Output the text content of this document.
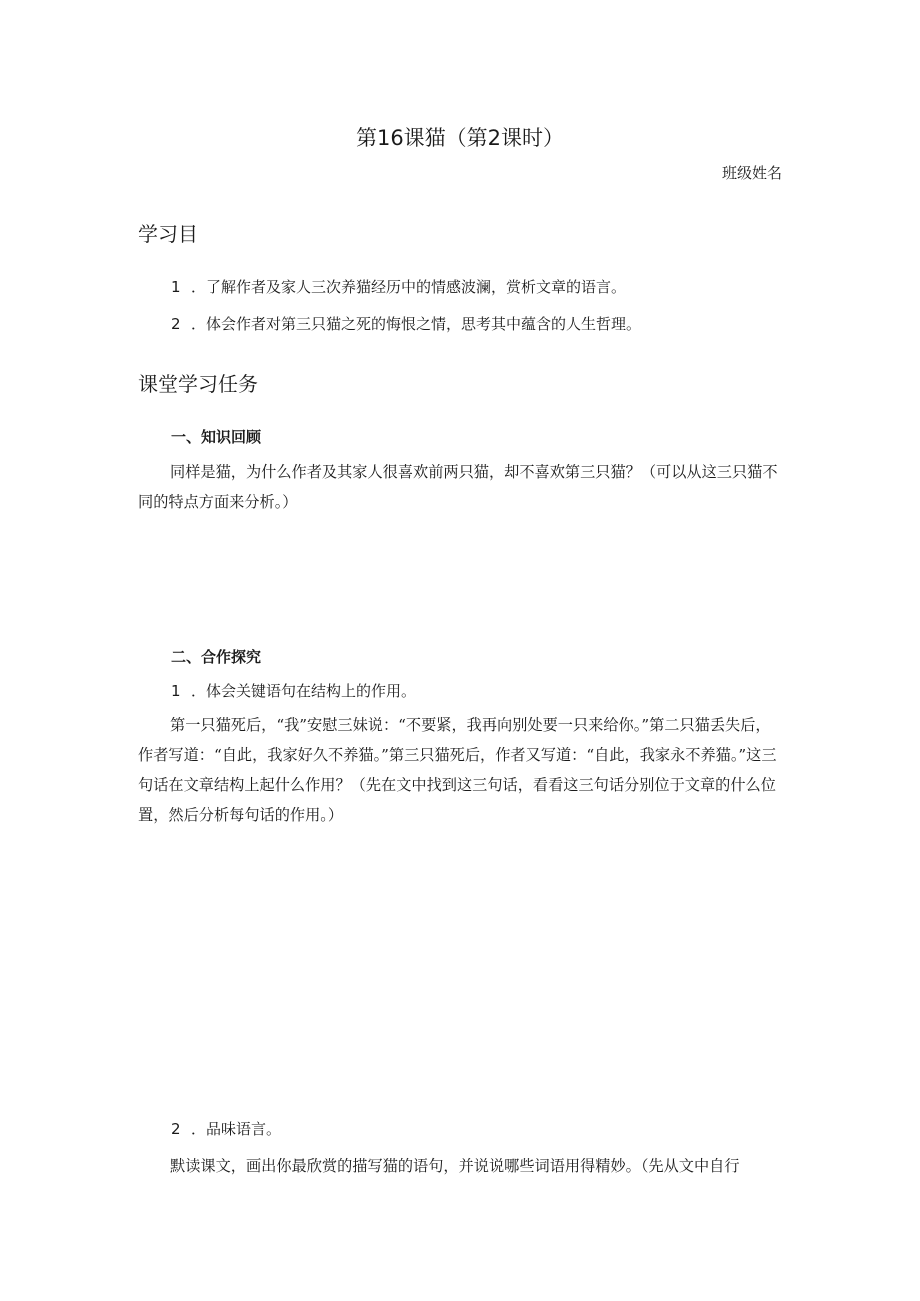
第16课猫（第2课时）
班级姓名
学习目
1 ．了解作者及家人三次养猫经历中的情感波澜，赏析文章的语言。
2 ．体会作者对第三只猫之死的悔恨之情，思考其中蕴含的人生哲理。
课堂学习任务
一、知识回顾
同样是猫，为什么作者及其家人很喜欢前两只猫，却不喜欢第三只猫？（可以从这三只猫不同的特点方面来分析。）
二、合作探究
1 ．体会关键语句在结构上的作用。
第一只猫死后，“我”安慰三妹说：“不要紧，我再向别处要一只来给你。”第二只猫丢失后，作者写道：“自此，我家好久不养猫。”第三只猫死后，作者又写道：“自此，我家永不养猫。”这三句话在文章结构上起什么作用？（先在文中找到这三句话，看看这三句话分别位于文章的什么位置，然后分析每句话的作用。）
2 ．品味语言。
默读课文，画出你最欣赏的描写猫的语句，并说说哪些词语用得精妙。（先从文中自行
